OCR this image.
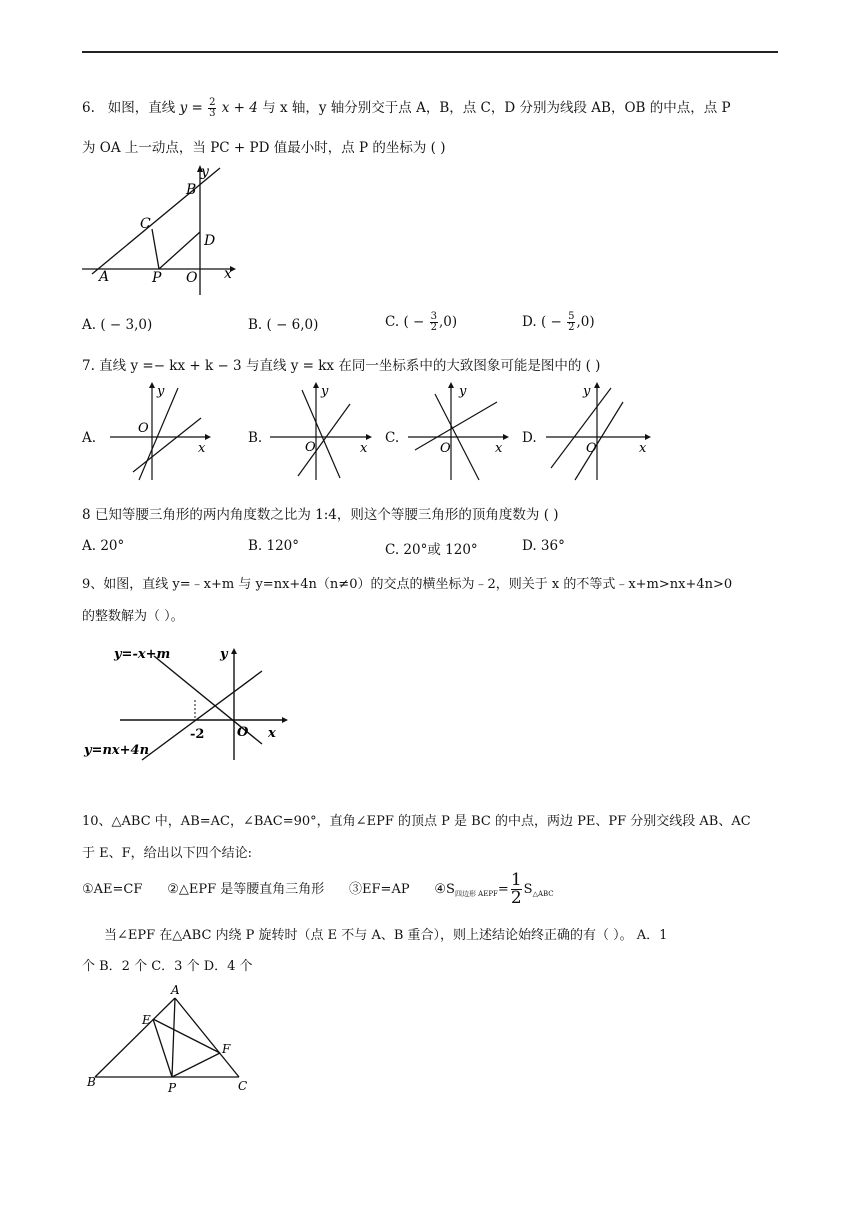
6. 如图，直线 $y = \frac{2}{3}$ x + 4 与 x 轴，y 轴分别交于点 A，B，点 C，D 分别为线段 AB，OB 的中点，点 P
为 OA 上一动点，当 PC + PD 值最小时，点 P 的坐标为 ( )
y
x
A
B
C
D
P O
A. ( − 3,0)	B. ( − 6,0)	C. ( − $\frac{3}{2} ,0$)	D. ( − $\frac{5}{2} ,0$)
7. 直线 y =− kx + k − 3 与直线 y = kx 在同一坐标系中的大致图象可能是图中的 ( )
A.
y
x
O
B.
y
x
O
C.
y
x
O
D.
y
x
O
8 已知等腰三角形的两内角度数之比为 1:4，则这个等腰三角形的顶角度数为 ( )
A. 20°	B. 120°	C. 20°或 120°	D. 36°
9、如图，直线 y=﹣x+m 与 y=nx+4n（n≠0）的交点的横坐标为﹣2，则关于 x 的不等式﹣x+m>nx+4n>0
的整数解为（ ）。
y=-x+m
y=nx+4n
y
x
-2	O
10、△ABC 中，AB=AC，∠BAC=90°，直角∠EPF 的顶点 P 是 BC 的中点，两边 PE、PF 分别交线段 AB、AC
于 E、F，给出以下四个结论:
①AE=CF ②△EPF 是等腰直角三角形 ③EF=AP $④S_{四边形 AEPF}= \frac{1}{2} S_{\triangle ABC}$
当∠EPF 在△ABC 内绕 P 旋转时（点 E 不与 A、B 重合），则上述结论始终正确的有（ ）。 A．1
个 B．2 个 C．3 个 D．4 个
A
B	C
E
F
P
